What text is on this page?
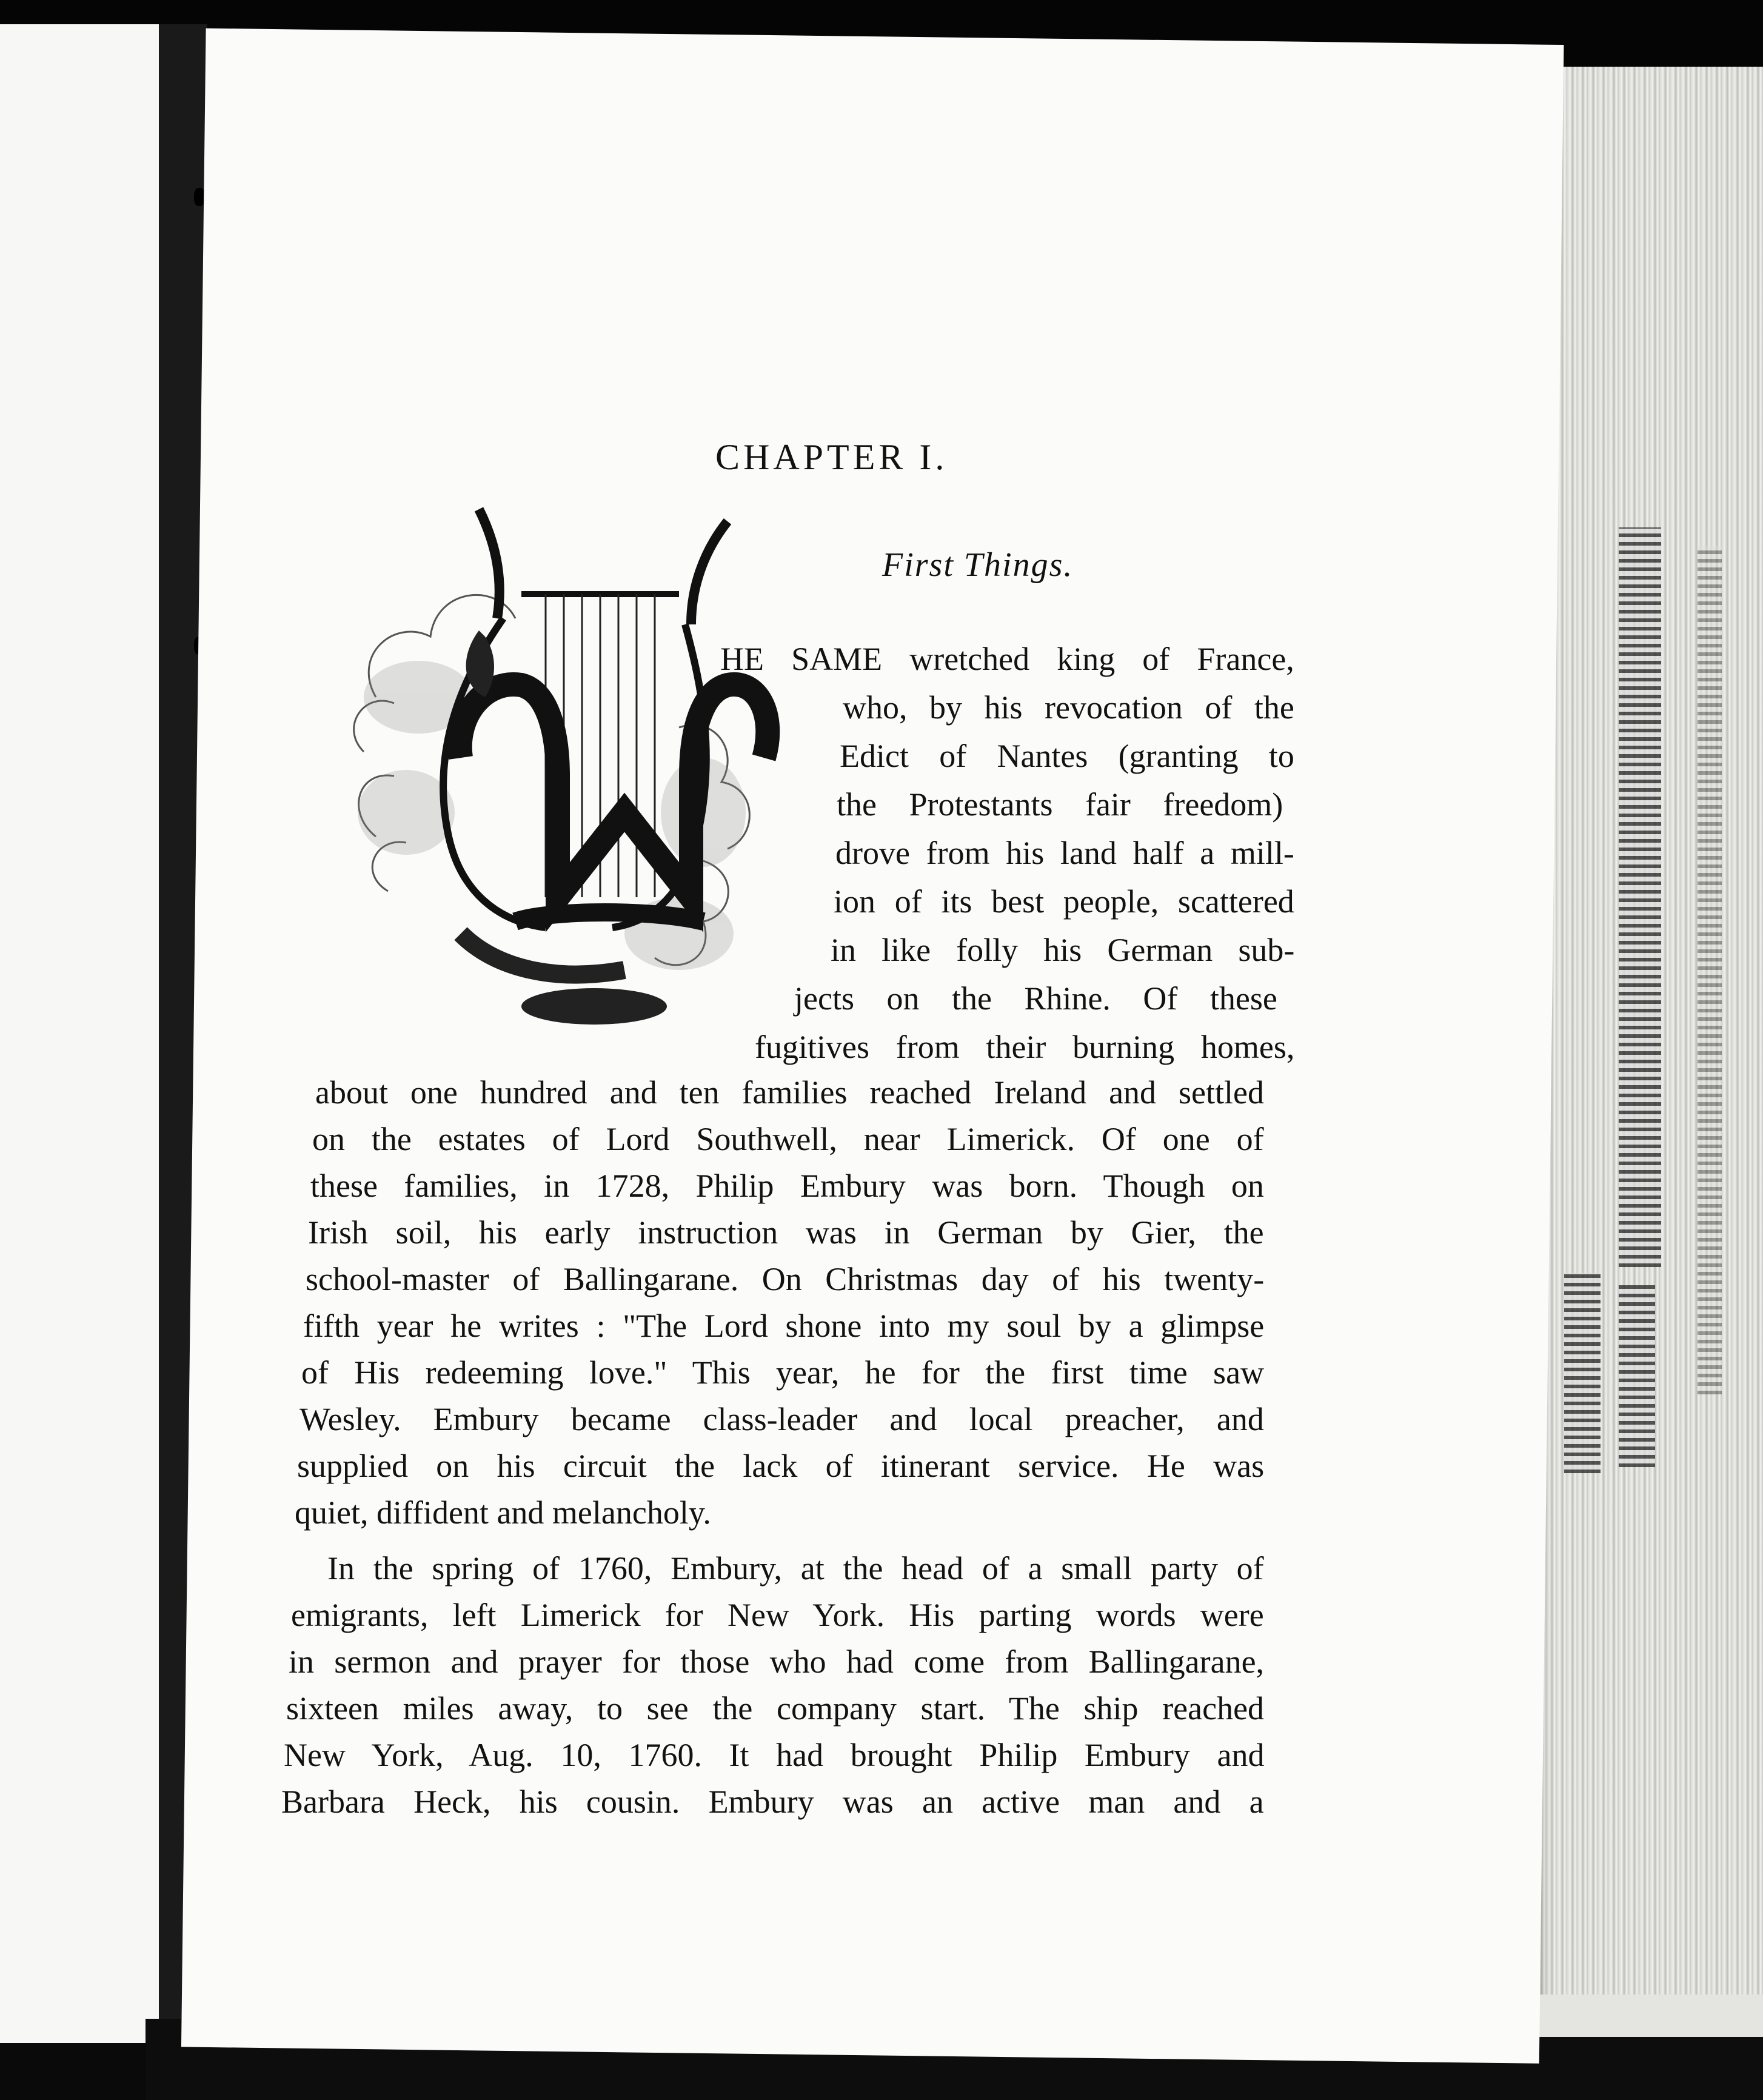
CHAPTER I.
First Things.
HE SAME wretched king of France,
who, by his revocation of the
Edict of Nantes (granting to
the Protestants fair freedom)
drove from his land half a mill-
ion of its best people, scattered
in like folly his German sub-
jects on the Rhine. Of these
fugitives from their burning homes,
about one hundred and ten families reached Ireland and settled
on the estates of Lord Southwell, near Limerick. Of one of
these families, in 1728, Philip Embury was born. Though on
Irish soil, his early instruction was in German by Gier, the
school-master of Ballingarane. On Christmas day of his twenty-
fifth year he writes : "The Lord shone into my soul by a glimpse
of His redeeming love." This year, he for the first time saw
Wesley. Embury became class-leader and local preacher, and
supplied on his circuit the lack of itinerant service. He was
quiet, diffident and melancholy.
In the spring of 1760, Embury, at the head of a small party of
emigrants, left Limerick for New York. His parting words were
in sermon and prayer for those who had come from Ballingarane,
sixteen miles away, to see the company start. The ship reached
New York, Aug. 10, 1760. It had brought Philip Embury and
Barbara Heck, his cousin. Embury was an active man and a
